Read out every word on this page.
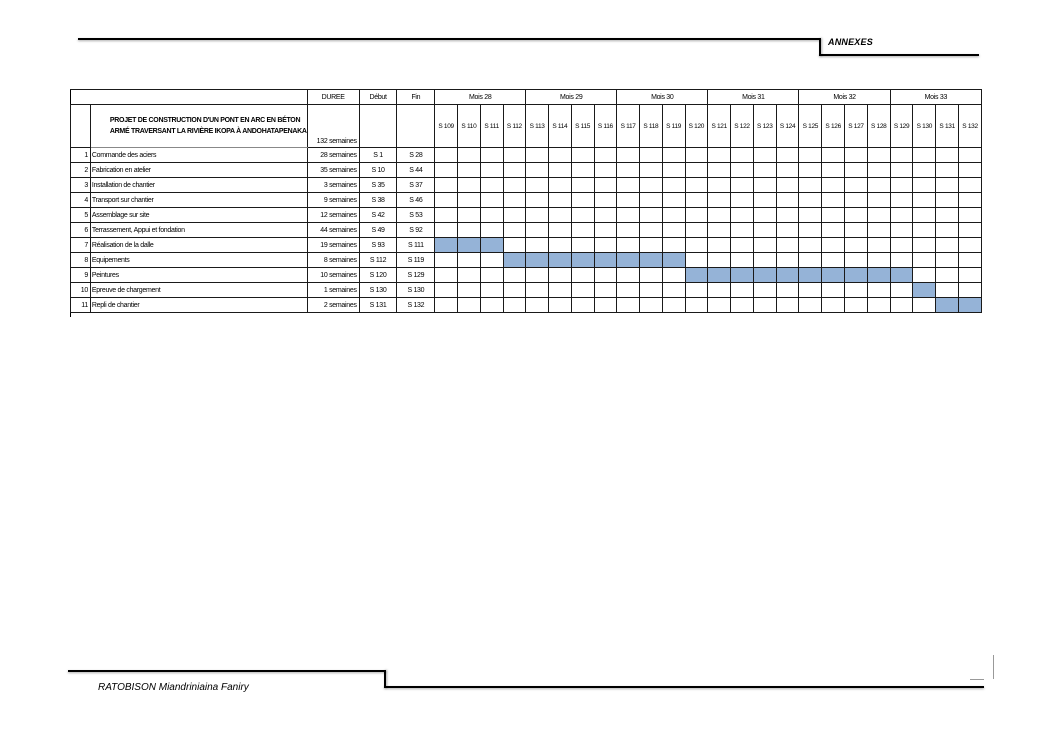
ANNEXES
		DUREE	Début	Fin	Mois 28				Mois 29				Mois 30				Mois 31				Mois 32				Mois 33			

	PROJET DE CONSTRUCTION D'UN PONT EN ARC EN BÉTON
ARMÉ TRAVERSANT LA RIVIÈRE IKOPA À ANDOHATAPENAKA	132 semaines			S 109	S 110	S 111	S 112	S 113	S 114	S 115	S 116	S 117	S 118	S 119	S 120	S 121	S 122	S 123	S 124	S 125	S 126	S 127	S 128	S 129	S 130	S 131	S 132
1	Commande des aciers	28 semaines	S 1	S 28																								
2	Fabrication en atelier	35 semaines	S 10	S 44																								
3	Installation de chantier	3 semaines	S 35	S 37																								
4	Transport sur chantier	9 semaines	S 38	S 46																								
5	Assemblage sur site	12 semaines	S 42	S 53																								
6	Terrassement, Appui et fondation	44 semaines	S 49	S 92																								
7	Réalisation de la dalle	19 semaines	S 93	S 111																								
8	Equipements	8 semaines	S 112	S 119																								
9	Peintures	10 semaines	S 120	S 129																								
10	Epreuve de chargement	1 semaines	S 130	S 130																								
11	Repli de chantier	2 semaines	S 131	S 132																								
RATOBISON Miandriniaina Faniry
